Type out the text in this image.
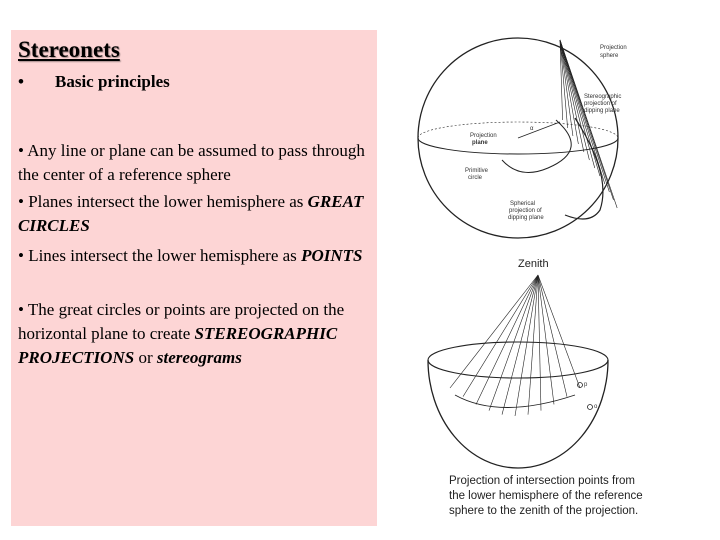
Stereonets
• Basic principles
• Any line or plane can be assumed to pass through the center of a reference sphere
• Planes intersect the lower hemisphere as GREAT CIRCLES
• Lines intersect the lower hemisphere as POINTS
• The great circles or points are projected on the horizontal plane to create STEREOGRAPHIC PROJECTIONS or stereograms
Projection
sphere
Stereographic
projection of
dipping plane
Projection
plane
Primitive
circle
Spherical
projection of
dipping plane
α
p
o
Zenith
Projection of intersection points from the lower hemisphere of the reference sphere to the zenith of the projection.
